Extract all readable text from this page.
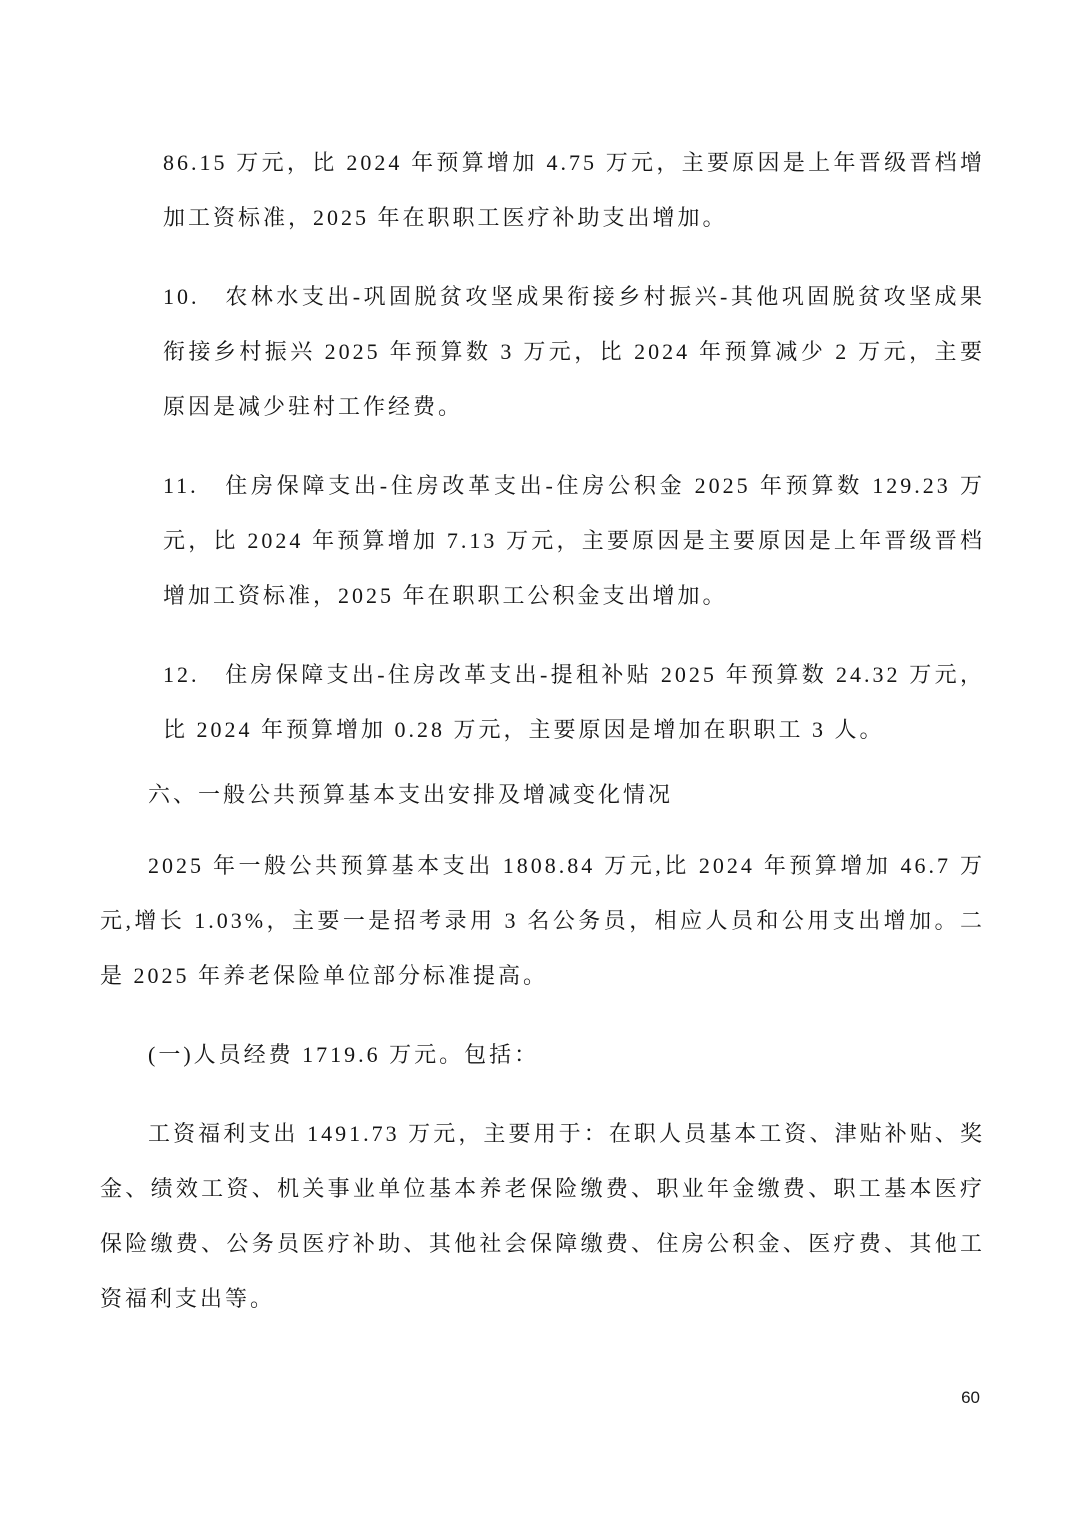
86.15 万元，比 2024 年预算增加 4.75 万元，主要原因是上年晋级晋档增加工资标准，2025 年在职职工医疗补助支出增加。

10.　农林水支出-巩固脱贫攻坚成果衔接乡村振兴-其他巩固脱贫攻坚成果衔接乡村振兴 2025 年预算数 3 万元，比 2024 年预算减少 2 万元，主要原因是减少驻村工作经费。

11.　住房保障支出-住房改革支出-住房公积金 2025 年预算数 129.23 万元，比 2024 年预算增加 7.13 万元，主要原因是主要原因是上年晋级晋档增加工资标准，2025 年在职职工公积金支出增加。

12.　住房保障支出-住房改革支出-提租补贴 2025 年预算数 24.32 万元，比 2024 年预算增加 0.28 万元，主要原因是增加在职职工 3 人。

六、一般公共预算基本支出安排及增减变化情况

2025 年一般公共预算基本支出 1808.84 万元,比 2024 年预算增加 46.7 万元,增长 1.03%，主要一是招考录用 3 名公务员，相应人员和公用支出增加。二是 2025 年养老保险单位部分标准提高。

(一)人员经费 1719.6 万元。包括：

工资福利支出 1491.73 万元，主要用于：在职人员基本工资、津贴补贴、奖金、绩效工资、机关事业单位基本养老保险缴费、职业年金缴费、职工基本医疗保险缴费、公务员医疗补助、其他社会保障缴费、住房公积金、医疗费、其他工资福利支出等。

60
